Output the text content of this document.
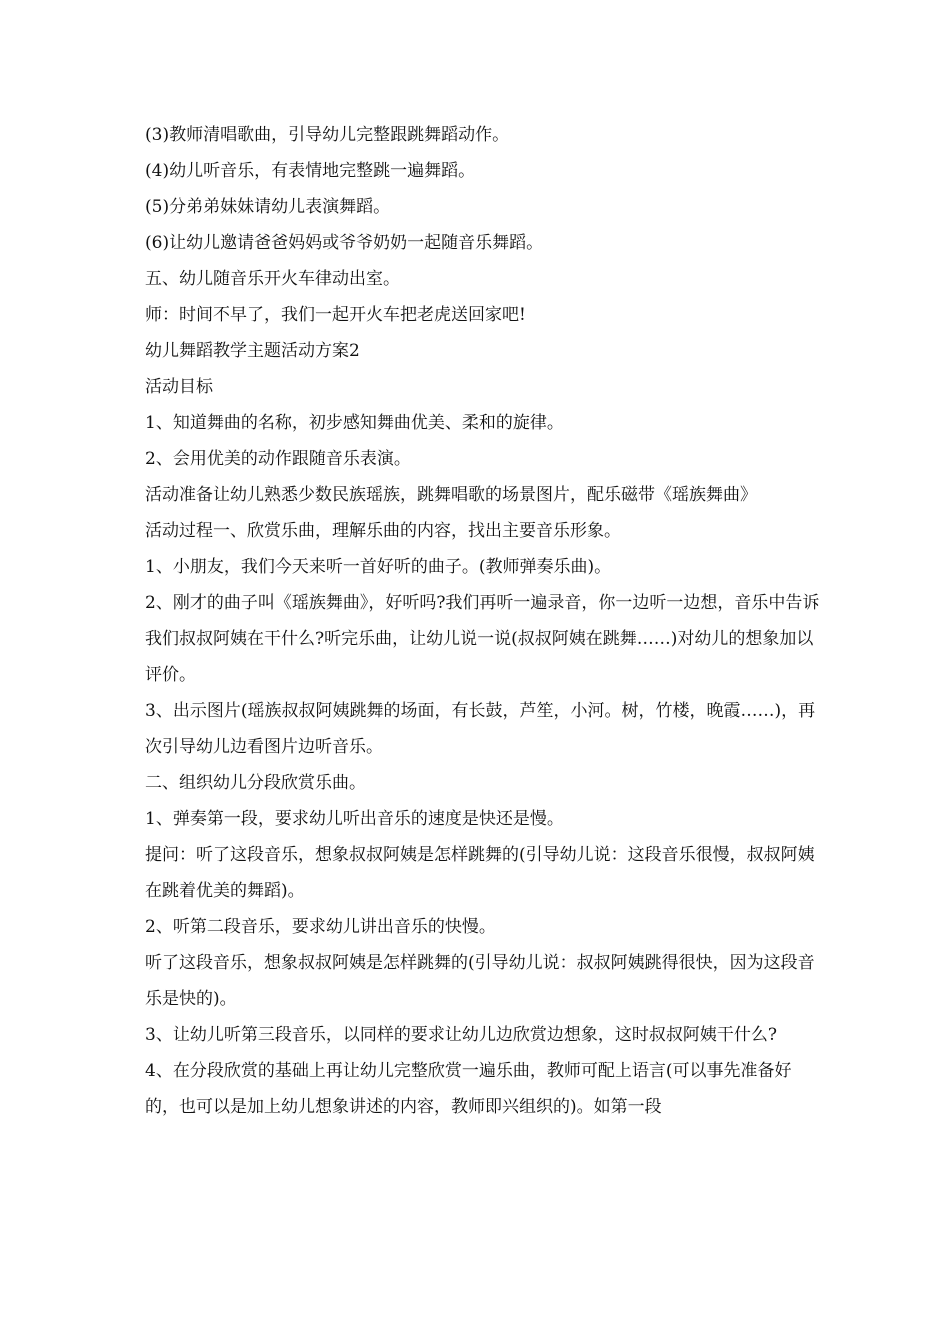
(3)教师清唱歌曲，引导幼儿完整跟跳舞蹈动作。

(4)幼儿听音乐，有表情地完整跳一遍舞蹈。

(5)分弟弟妹妹请幼儿表演舞蹈。

(6)让幼儿邀请爸爸妈妈或爷爷奶奶一起随音乐舞蹈。

五、幼儿随音乐开火车律动出室。

师：时间不早了，我们一起开火车把老虎送回家吧!

幼儿舞蹈教学主题活动方案2

活动目标

1、知道舞曲的名称，初步感知舞曲优美、柔和的旋律。

2、会用优美的动作跟随音乐表演。

活动准备让幼儿熟悉少数民族瑶族，跳舞唱歌的场景图片，配乐磁带《瑶族舞曲》

活动过程一、欣赏乐曲，理解乐曲的内容，找出主要音乐形象。

1、小朋友，我们今天来听一首好听的曲子。(教师弹奏乐曲)。

2、刚才的曲子叫《瑶族舞曲》，好听吗?我们再听一遍录音，你一边听一边想，音乐中告诉我们叔叔阿姨在干什么?听完乐曲，让幼儿说一说(叔叔阿姨在跳舞……)对幼儿的想象加以评价。

3、出示图片(瑶族叔叔阿姨跳舞的场面，有长鼓，芦笙，小河。树，竹楼，晚霞……)，再次引导幼儿边看图片边听音乐。

二、组织幼儿分段欣赏乐曲。

1、弹奏第一段，要求幼儿听出音乐的速度是快还是慢。

提问：听了这段音乐，想象叔叔阿姨是怎样跳舞的(引导幼儿说：这段音乐很慢，叔叔阿姨在跳着优美的舞蹈)。

2、听第二段音乐，要求幼儿讲出音乐的快慢。

听了这段音乐，想象叔叔阿姨是怎样跳舞的(引导幼儿说：叔叔阿姨跳得很快，因为这段音乐是快的)。

3、让幼儿听第三段音乐，以同样的要求让幼儿边欣赏边想象，这时叔叔阿姨干什么?

4、在分段欣赏的基础上再让幼儿完整欣赏一遍乐曲，教师可配上语言(可以事先准备好的，也可以是加上幼儿想象讲述的内容，教师即兴组织的)。如第一段
